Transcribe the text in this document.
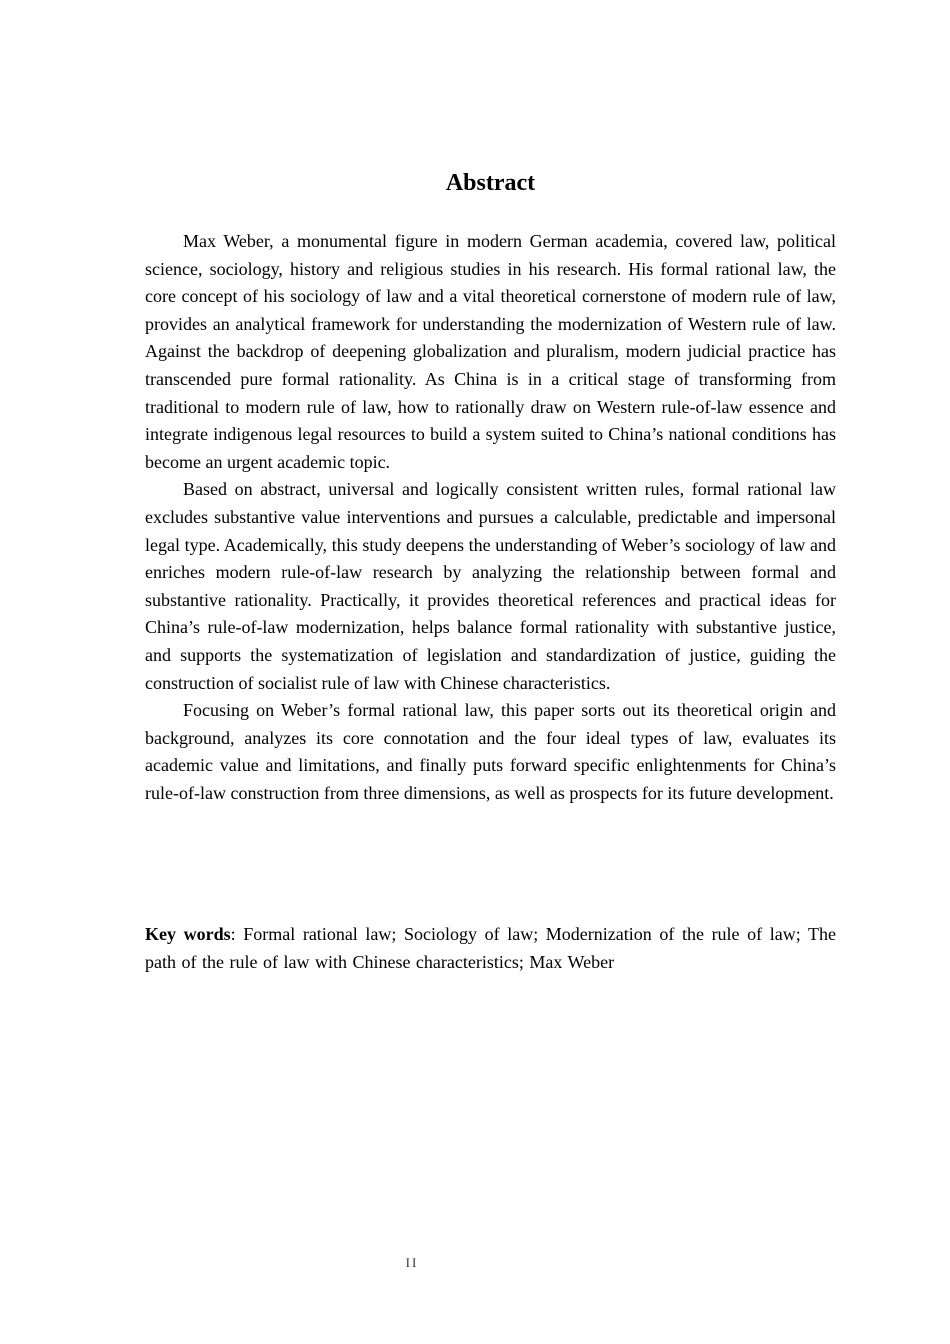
Abstract

Max Weber, a monumental figure in modern German academia, covered law, political science, sociology, history and religious studies in his research. His formal rational law, the core concept of his sociology of law and a vital theoretical cornerstone of modern rule of law, provides an analytical framework for understanding the modernization of Western rule of law. Against the backdrop of deepening globalization and pluralism, modern judicial practice has transcended pure formal rationality. As China is in a critical stage of transforming from traditional to modern rule of law, how to rationally draw on Western rule-of-law essence and integrate indigenous legal resources to build a system suited to China’s national conditions has become an urgent academic topic.

Based on abstract, universal and logically consistent written rules, formal rational law excludes substantive value interventions and pursues a calculable, predictable and impersonal legal type. Academically, this study deepens the understanding of Weber’s sociology of law and enriches modern rule-of-law research by analyzing the relationship between formal and substantive rationality. Practically, it provides theoretical references and practical ideas for China’s rule-of-law modernization, helps balance formal rationality with substantive justice, and supports the systematization of legislation and standardization of justice, guiding the construction of socialist rule of law with Chinese characteristics.

Focusing on Weber’s formal rational law, this paper sorts out its theoretical origin and background, analyzes its core connotation and the four ideal types of law, evaluates its academic value and limitations, and finally puts forward specific enlightenments for China’s rule-of-law construction from three dimensions, as well as prospects for its future development.

Key words: Formal rational law; Sociology of law; Modernization of the rule of law; The path of the rule of law with Chinese characteristics; Max Weber

II
